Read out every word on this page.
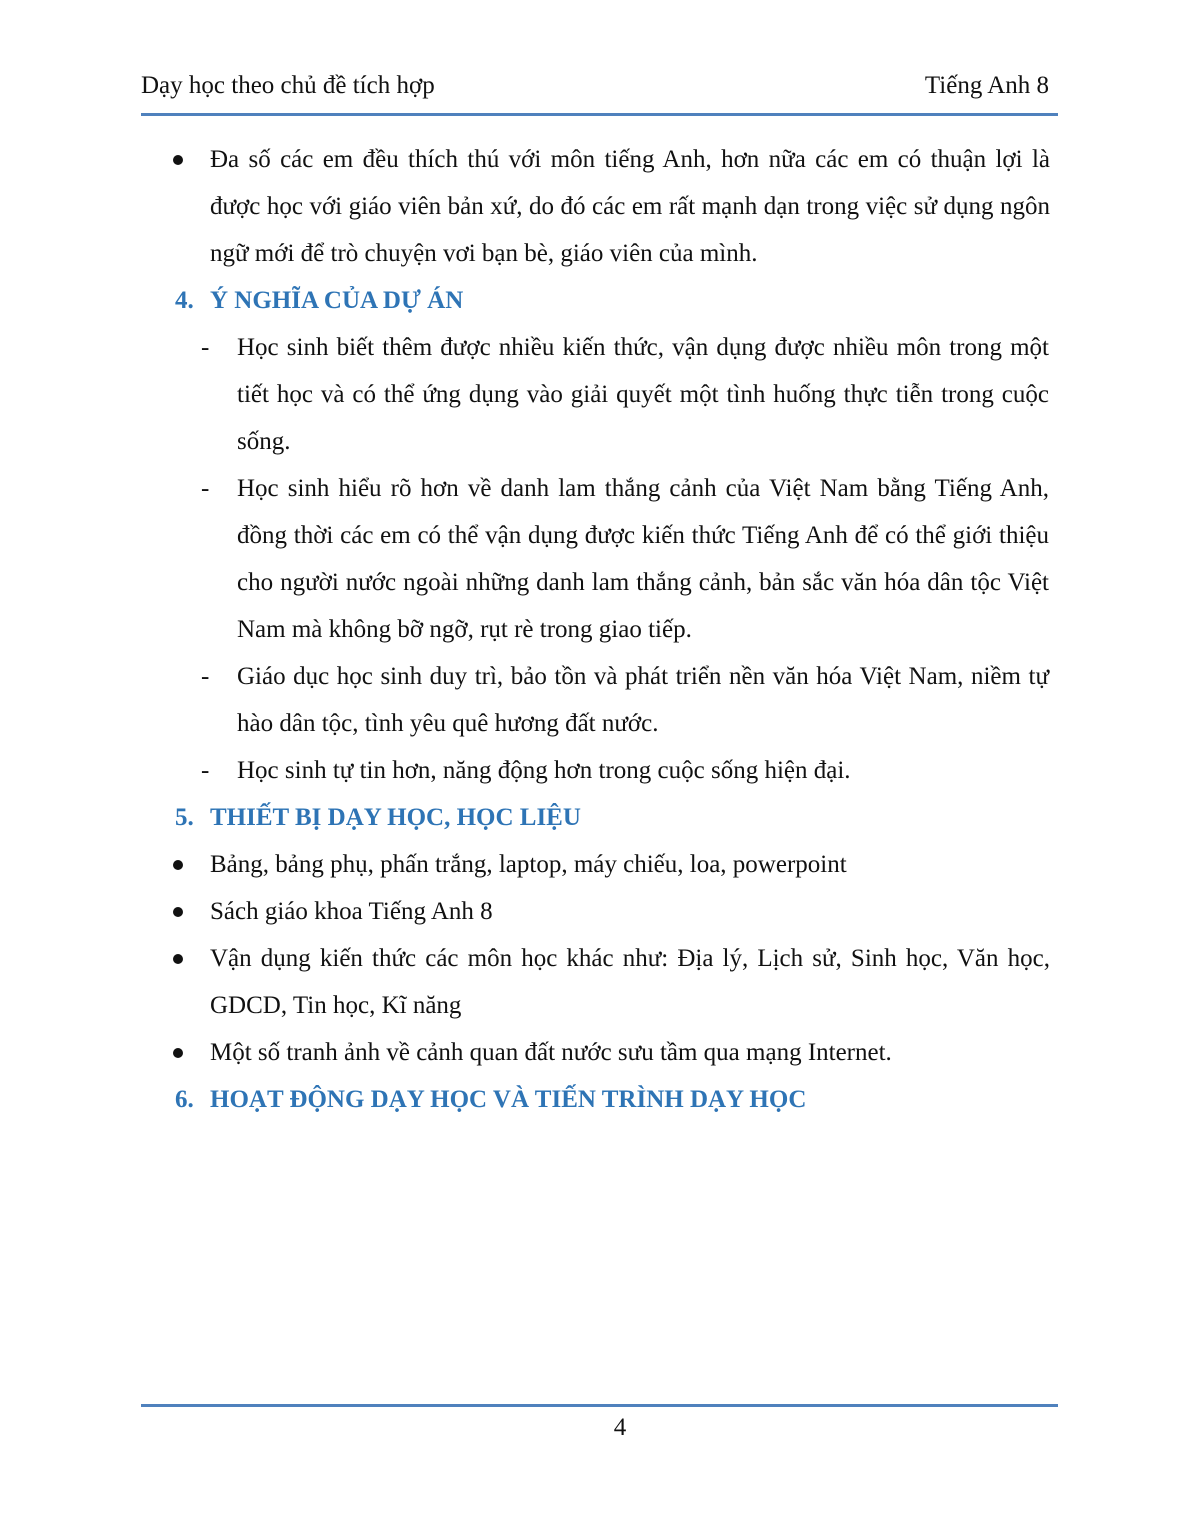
Dạy học theo chủ đề tích hợp	Tiếng Anh 8
Đa số các em đều thích thú với môn tiếng Anh, hơn nữa các em có thuận lợi là được học với giáo viên bản xứ, do đó các em rất mạnh dạn trong việc sử dụng ngôn ngữ mới để trò chuyện vơi bạn bè, giáo viên của mình.
4. Ý NGHĨA CỦA DỰ ÁN
- Học sinh biết thêm được nhiều kiến thức, vận dụng được nhiều môn trong một tiết học và có thể ứng dụng vào giải quyết một tình huống thực tiễn trong cuộc sống.
- Học sinh hiểu rõ hơn về danh lam thắng cảnh của Việt Nam bằng Tiếng Anh, đồng thời các em có thể vận dụng được kiến thức Tiếng Anh để có thể giới thiệu cho người nước ngoài những danh lam thắng cảnh, bản sắc văn hóa dân tộc Việt Nam mà không bỡ ngỡ, rụt rè trong giao tiếp.
- Giáo dục học sinh duy trì, bảo tồn và phát triển nền văn hóa Việt Nam, niềm tự hào dân tộc, tình yêu quê hương đất nước.
- Học sinh tự tin hơn, năng động hơn trong cuộc sống hiện đại.
5. THIẾT BỊ DẠY HỌC, HỌC LIỆU
Bảng, bảng phụ, phấn trắng, laptop, máy chiếu, loa, powerpoint
Sách giáo khoa Tiếng Anh 8
Vận dụng kiến thức các môn học khác như: Địa lý, Lịch sử, Sinh học, Văn học, GDCD, Tin học, Kĩ năng
Một số tranh ảnh về cảnh quan đất nước sưu tầm qua mạng Internet.
6. HOẠT ĐỘNG DẠY HỌC VÀ TIẾN TRÌNH DẠY HỌC
4
